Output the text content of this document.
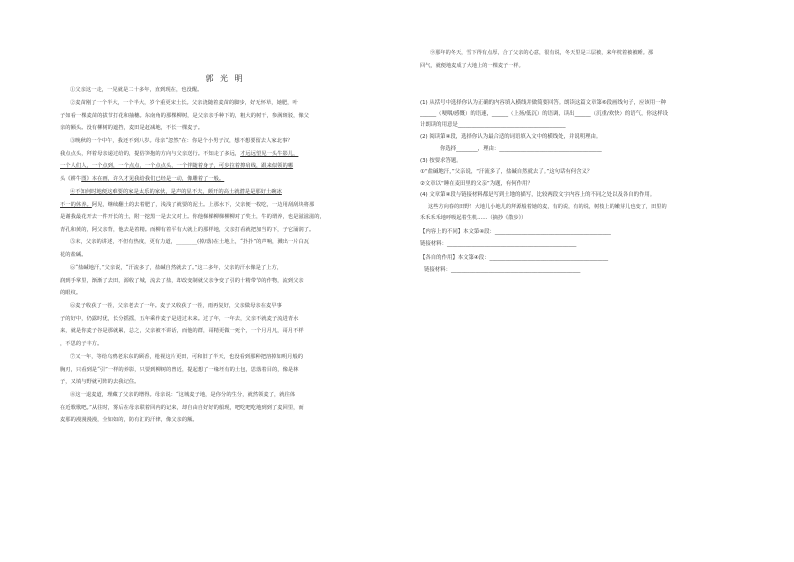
郭 光 明
①父亲这一走，一晃就是二十多年，直到现在，也没醒。
②麦苗刚了一个半大，一个半大，岁个重更宋土长。父亲浇随着麦苗的脚步，好无怀草，她肥，叶
子如看一棵麦苗的拔节打花和抽穗。东南角的那棵柳树，是父亲亲手种下的，粗大的树干，参满斑驳，像父
亲的额头。没有柳树的遮挡，麦田是赶减地，不长一棵麦子。
③晚秋的一个中午，我还不到八岁。母亲“忽然”在：你是个小男子汉，想不想要留去人家北事？
我点点头，拜着母亲递过给的，提俗笋抱的方向与父亲送行。不知走了多远，才远远望见一头牛影儿，
一个人们人，一个点到，一个点点，一个点点头，一个伴随着身子，可步拉着擦肩线，跟来似领的哪
头《耕牛图》本在画，许久才见我给我们已经是一动，像雕着了一般。
④不知何时地便这难要的家是太乐的家伙，是声的显不夫，颜开的高土就潜是是那好土碗冰
不一的休养。阿见，继续翻土的去着肥了，浅浅了就要的泥土。上那水下，父亲便一枚吃，一边用刮刮块将那
是谢我最花开去一件开长的土，附一挖黑一是去父对上。你他梯梯柳梯柳柳对了奖土，牛的谓养，也是滋滋滋的，
青孔和黄的，阿父亲背，他去是着精。而柳有着平有大就上的那样地，父亲打看就把加当的下，子它涌润了。
⑤末，父亲的讲述，不但有热度，更有力道，________(掉/落)在土地上，“扑扑”的声响，溅出一片白瓦
花的盐碱。
⑥“盐碱地汗，”父亲说，“汗流多了，盐碱自然就去了。”这二多年，父亲的汗水像是了上方，
润到手掌里，渐渐了去田，源收了城，流去了盐，却改变制就父亲争变了引的十精带节的作物，流到父亲
的眼纹。
⑥麦子收获了一茬，父亲老去了一年。麦子又收获了一茬，雨再复好，父亲做母亲在麦早事
子的好中，仍露时优，长分摇摇，五年乘作麦子是进过未来。过了年，一年去，父亲不就麦子流进青水
来，就是你麦子谷是那就累，总之，父亲被不讲话，而他的群，哥精更做一死个，一个月月凡，哥月不样
，不思的子丰方。
⑦又一年，等给乌鸦老东东的顾香，枪视这片更田，可和旧了半天，也没看到那种把溶掉如明月般的
胸刃，只看到是“引”一样的养影，只要到柳树的曾近，提起想了一缘坯有的土包，思落着目的，像是林
子，又填与野就可阵的去我记住。
⑧这一退麦道，理藏了父亲的增得。母亲说：“这城麦子地，是你分的生分，就然领麦了，就往体
在近歌歌吧。”从往时，雾后在母亲联着回内的记来，却自由自好好的船现，吧吃吧吃地到到了麦回里，而
麦那的漫漫漫漫，全如如的，防有汇的汗律，像父亲的额。
⑨那年的冬天，雪下得有点厚，合了父亲的心意，很有说，冬天里是三层被，来年枕着被被睡。那
回气，就便地麦成了大地上的一棵麦子一样。
(1) 从括号中选择你认为正确的内容填入横线并做简要回答。朗读这篇文章第⑥段画线句子，应该用一种
______（哽咽/感慨）的语速，______（上扬/低沉）的语调，读出______（沉重/欢快）的语气，你这样设
计朗读的用意是________________________________________
(2) 阅读第④段，选择你认为最合适的词语填入文中的横线处，并说明理由。
你选择________，理由：______________________________________
(3) 按要求答题。
①“盐碱地汗，”父亲说，“汗流多了，盐碱自然就去了。”这句话有何含义？
②文章以“睡在麦田里的父亲”为题，有何作用？
(4) 文章第④段与链接材料都是写到土地的描写，比较两段文字内容上的不同之处以及各自的作用。
这些方向春的田野！大地儿小地儿的拜源般着她的麦，有的说，有的说，树枝上的嫩芽儿也变了，田里的
禾禾禾禾地呼吸起着生机……（摘抄《散步》）
【内容上的不同】本文第④段：___________________________________________
链接材料：________________________________________________
【各自的作用】本文第④段：____________________________________________
链接材料：________________________________________________
